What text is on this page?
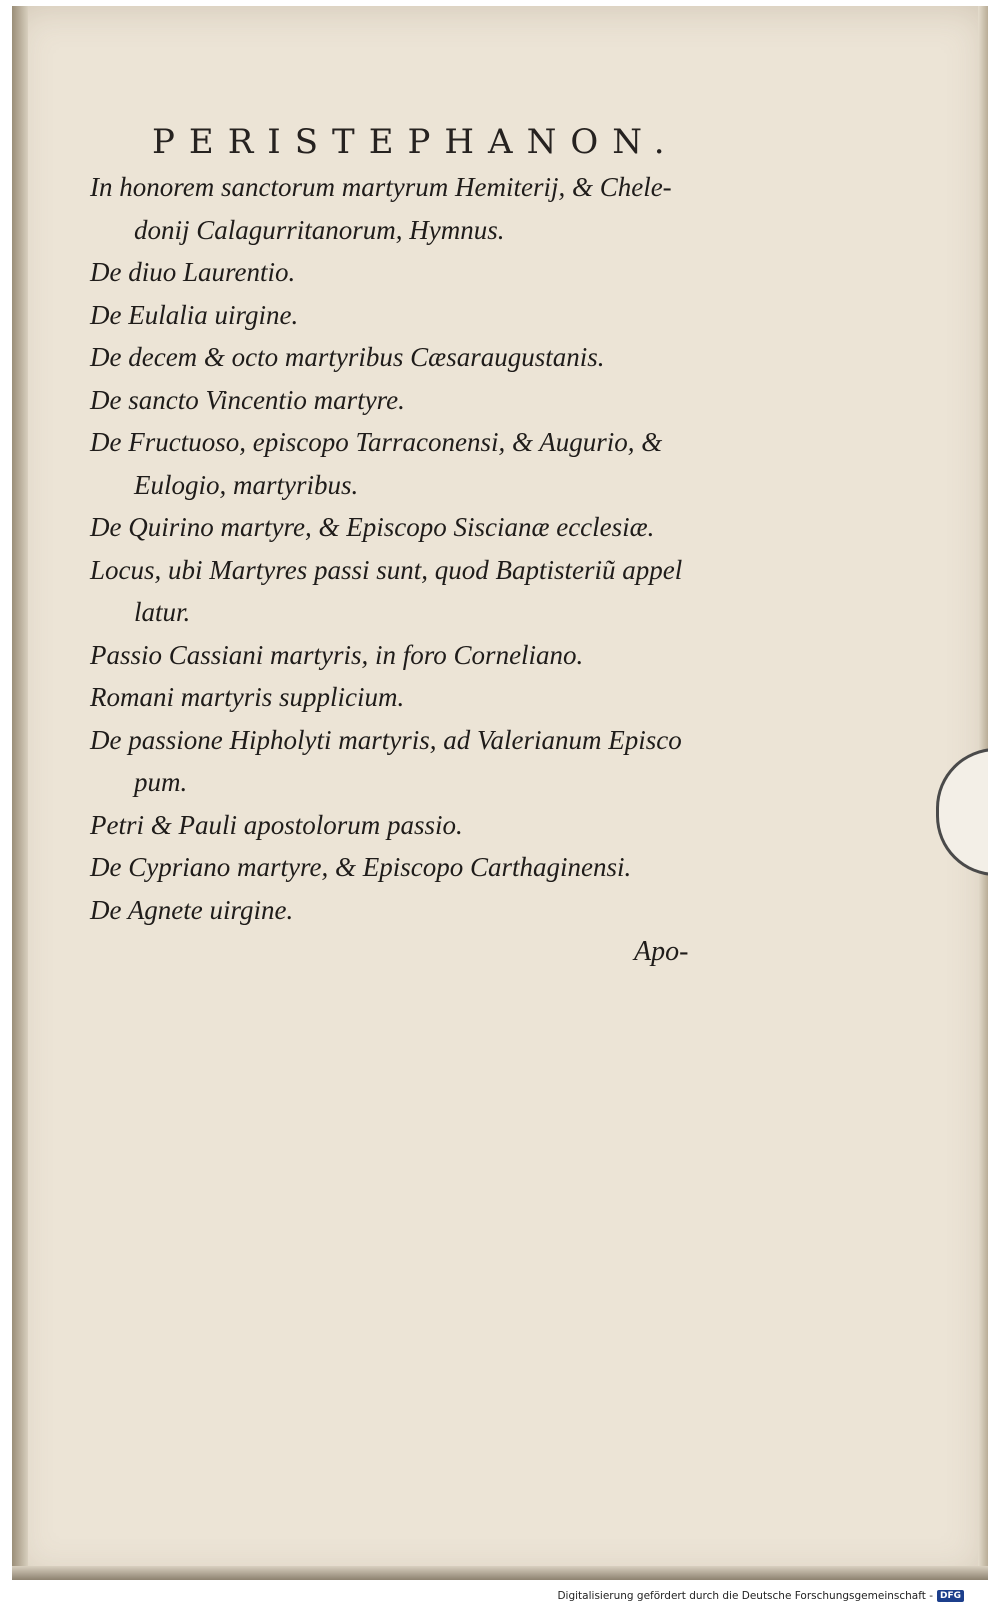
PERISTEPHANON.
In honorem sanctorum martyrum Hemiterij, & Chele-
donij Calagurritanorum, Hymnus.
De diuo Laurentio.
De Eulalia uirgine.
De decem & octo martyribus Cæsaraugustanis.
De sancto Vincentio martyre.
De Fructuoso, episcopo Tarraconensi, & Augurio, &
Eulogio, martyribus.
De Quirino martyre, & Episcopo Siscianæ ecclesiæ.
Locus, ubi Martyres passi sunt, quod Baptisteriũ appel
latur.
Passio Cassiani martyris, in foro Corneliano.
Romani martyris supplicium.
De passione Hipholyti martyris, ad Valerianum Episco
pum.
Petri & Pauli apostolorum passio.
De Cypriano martyre, & Episcopo Carthaginensi.
De Agnete uirgine.
Apo-
Digitalisierung gefördert durch die Deutsche Forschungsgemeinschaft - DFG
